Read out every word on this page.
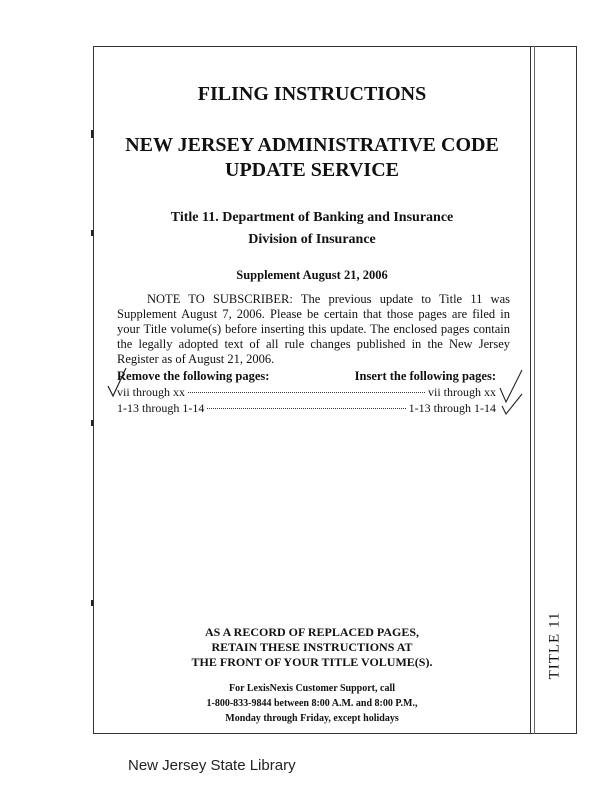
TITLE 11
FILING INSTRUCTIONS
NEW JERSEY ADMINISTRATIVE CODE
UPDATE SERVICE
Title 11. Department of Banking and Insurance
Division of Insurance
Supplement August 21, 2006
NOTE TO SUBSCRIBER: The previous update to Title 11 was Supplement August 7, 2006. Please be certain that those pages are filed in your Title volume(s) before inserting this update. The enclosed pages contain the legally adopted text of all rule changes published in the New Jersey Register as of August 21, 2006.
Remove the following pages:	Insert the following pages:
vii through xx	vii through xx
1-13 through 1-14	1-13 through 1-14
AS A RECORD OF REPLACED PAGES,
RETAIN THESE INSTRUCTIONS AT
THE FRONT OF YOUR TITLE VOLUME(S).
For LexisNexis Customer Support, call
1-800-833-9844 between 8:00 A.M. and 8:00 P.M.,
Monday through Friday, except holidays
New Jersey State Library
